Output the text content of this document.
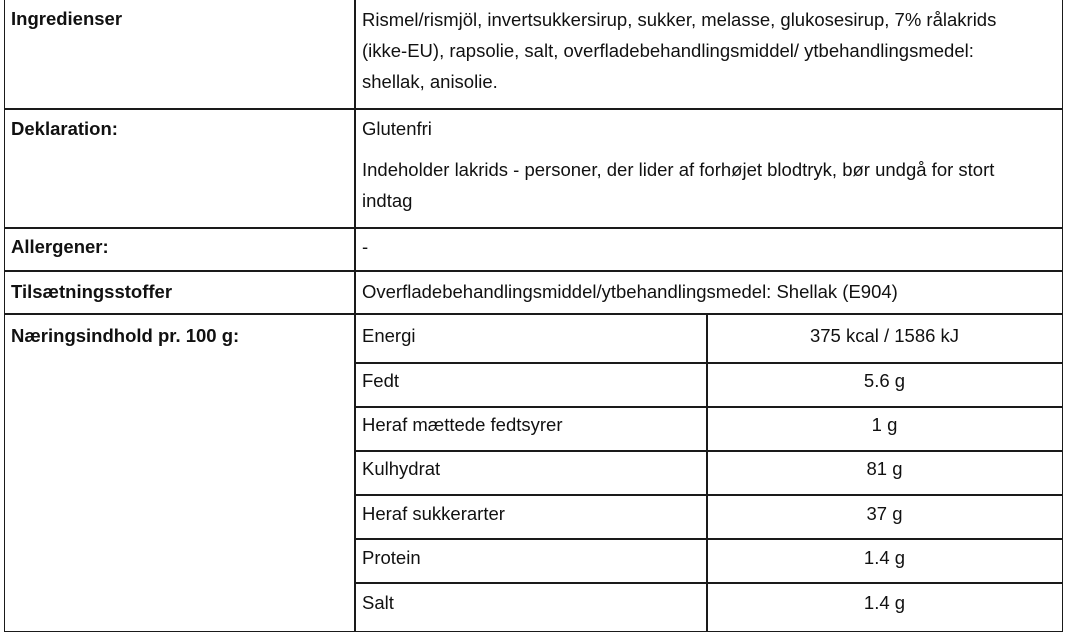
Ingredienser	Rismel/rismjöl, invertsukkersirup, sukker, melasse, glukosesirup, 7% rålakrids
(ikke-EU), rapsolie, salt, overfladebehandlingsmiddel/ ytbehandlingsmedel:
shellak, anisolie.
Deklaration:	Glutenfri
Indeholder lakrids - personer, der lider af forhøjet blodtryk, bør undgå for stort
indtag
Allergener:	-
Tilsætningsstoffer	Overfladebehandlingsmiddel/ytbehandlingsmedel: Shellak (E904)
Næringsindhold pr. 100 g:	Energi	375 kcal / 1586 kJ
Fedt	5.6 g
Heraf mættede fedtsyrer	1 g
Kulhydrat	81 g
Heraf sukkerarter	37 g
Protein	1.4 g
Salt	1.4 g
